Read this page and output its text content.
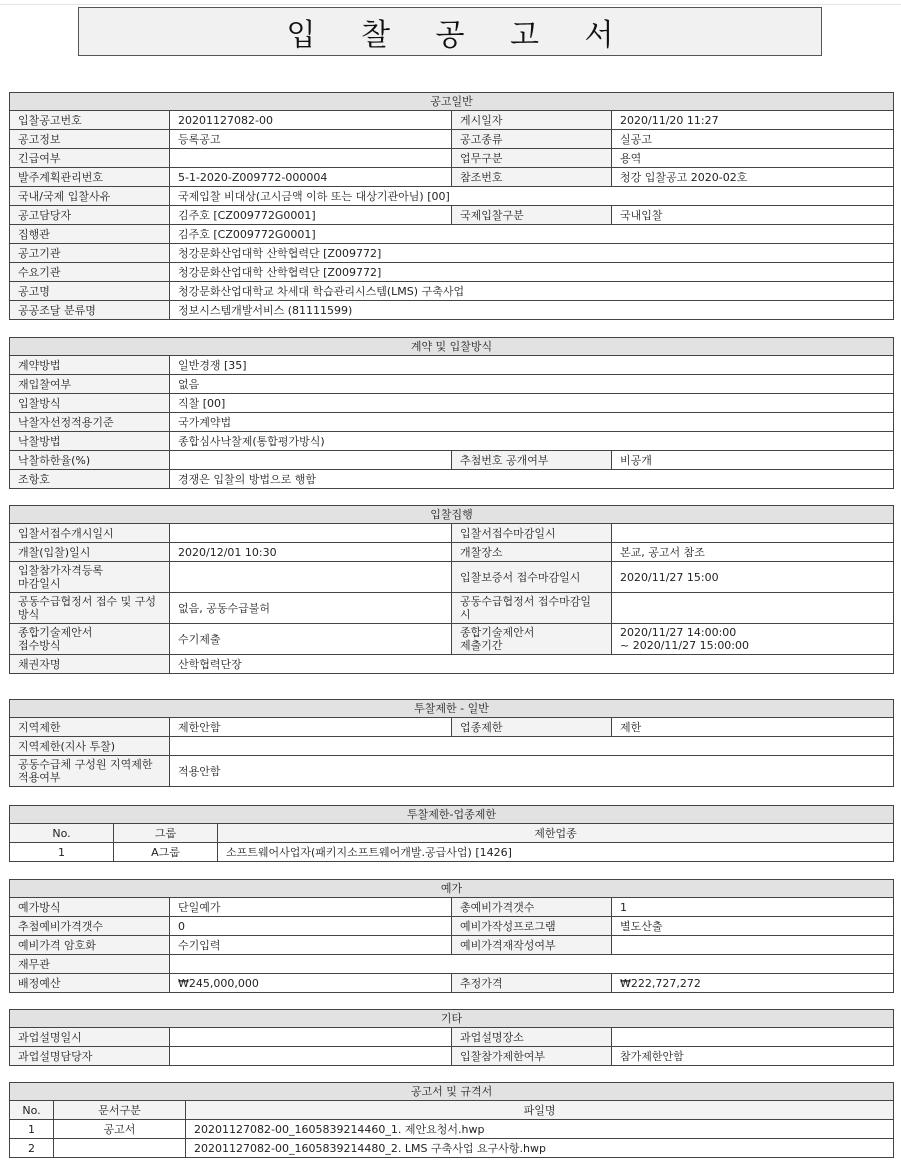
입 찰 공 고 서
공고일반			
입찰공고번호	20201127082-00	게시일자	2020/11/20 11:27
공고정보	등록공고	공고종류	실공고
긴급여부		업무구분	용역
발주계획관리번호	5-1-2020-Z009772-000004	참조번호	청강 입찰공고 2020-02호
국내/국제 입찰사유	국제입찰 비대상(고시금액 이하 또는 대상기관아님) [00]		
공고담당자	김주호 [CZ009772G0001]	국제입찰구분	국내입찰
집행관	김주호 [CZ009772G0001]		
공고기관	청강문화산업대학 산학협력단 [Z009772]		
수요기관	청강문화산업대학 산학협력단 [Z009772]		
공고명	청강문화산업대학교 차세대 학습관리시스템(LMS) 구축사업		
공공조달 분류명	정보시스템개발서비스 (81111599)		
계약 및 입찰방식			
계약방법	일반경쟁 [35]		
재입찰여부	없음		
입찰방식	직찰 [00]		
낙찰자선정적용기준	국가계약법		
낙찰방법	종합심사낙찰제(통합평가방식)		
낙찰하한율(%)		추첨번호 공개여부	비공개
조항호	경쟁은 입찰의 방법으로 행함		
입찰집행			
입찰서접수개시일시		입찰서접수마감일시	
개찰(입찰)일시	2020/12/01 10:30	개찰장소	본교, 공고서 참조
입찰참가자격등록
마감일시		입찰보증서 접수마감일시	2020/11/27 15:00
공동수급협정서 접수 및 구성
방식	없음, 공동수급불허	공동수급협정서 접수마감일
시	
종합기술제안서
접수방식	수기제출	종합기술제안서
제출기간	2020/11/27 14:00:00
~ 2020/11/27 15:00:00
채권자명	산학협력단장		
투찰제한 - 일반			
지역제한	제한안함	업종제한	제한
지역제한(지사 투찰)			
공동수급체 구성원 지역제한
적용여부	적용안함		
투찰제한-업종제한		
No.	그룹	제한업종
1	A그룹	소프트웨어사업자(패키지소프트웨어개발.공급사업) [1426]
예가			
예가방식	단일예가	총예비가격갯수	1
추첨예비가격갯수	0	예비가작성프로그램	별도산출
예비가격 암호화	수기입력	예비가격재작성여부	
재무관			
배정예산	₩245,000,000	추정가격	₩222,727,272
기타			
과업설명일시		과업설명장소	
과업설명담당자		입찰참가제한여부	참가제한안함
공고서 및 규격서		
No.	문서구분	파일명
1	공고서	20201127082-00_1605839214460_1. 제안요청서.hwp
2		20201127082-00_1605839214480_2. LMS 구축사업 요구사항.hwp
